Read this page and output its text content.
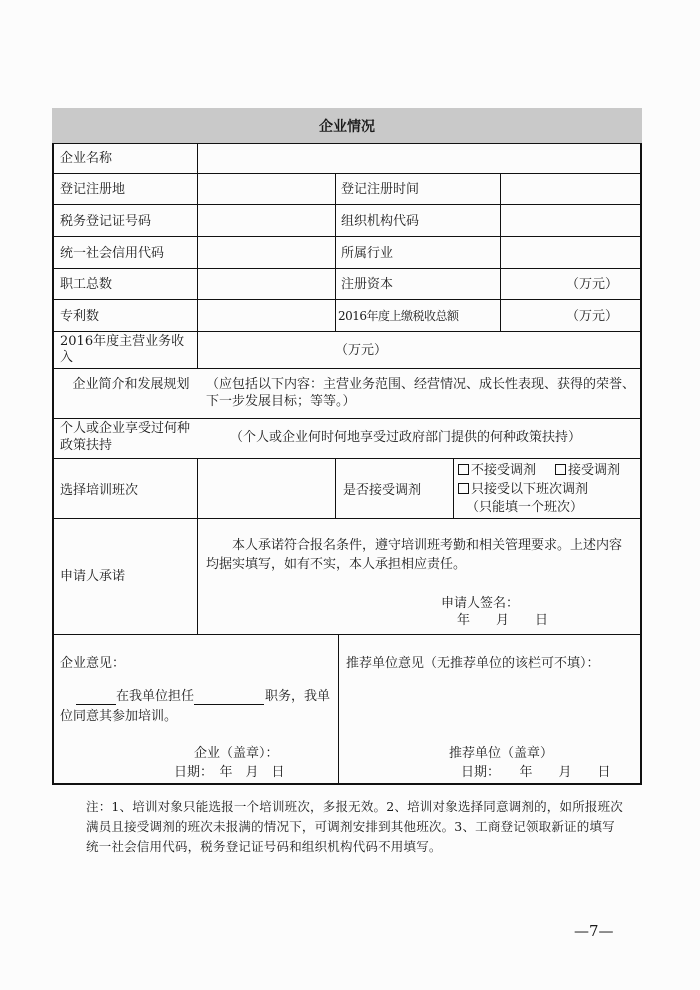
企业情况
企业名称
登记注册地	登记注册时间
税务登记证号码	组织机构代码
统一社会信用代码	所属行业
职工总数	注册资本	（万元）
专利数	2016年度上缴税收总额	（万元）
2016年度主营业务收入	（万元）
企业简介和发展规划 （应包括以下内容：主营业务范围、经营情况、成长性表现、获得的荣誉、下一步发展目标；等等。）
个人或企业享受过何种政策扶持
（个人或企业何时何地享受过政府部门提供的何种政策扶持）
选择培训班次	是否接受调剂
不接受调剂	接受调剂
只接受以下班次调剂
（只能填一个班次）
申请人承诺
本人承诺符合报名条件，遵守培训班考勤和相关管理要求。上述内容均据实填写，如有不实，本人承担相应责任。
申请人签名：
年　　月　　日
企业意见：
在我单位担任	职务，我单
位同意其参加培训。
企业（盖章）：
日期：　年　月　日
推荐单位意见（无推荐单位的该栏可不填）：
推荐单位（盖章）
日期：　　年　　月　　日
注：1、培训对象只能选报一个培训班次，多报无效。2、培训对象选择同意调剂的，如所报班次满员且接受调剂的班次未报满的情况下，可调剂安排到其他班次。3、工商登记领取新证的填写统一社会信用代码，税务登记证号码和组织机构代码不用填写。
—7—
